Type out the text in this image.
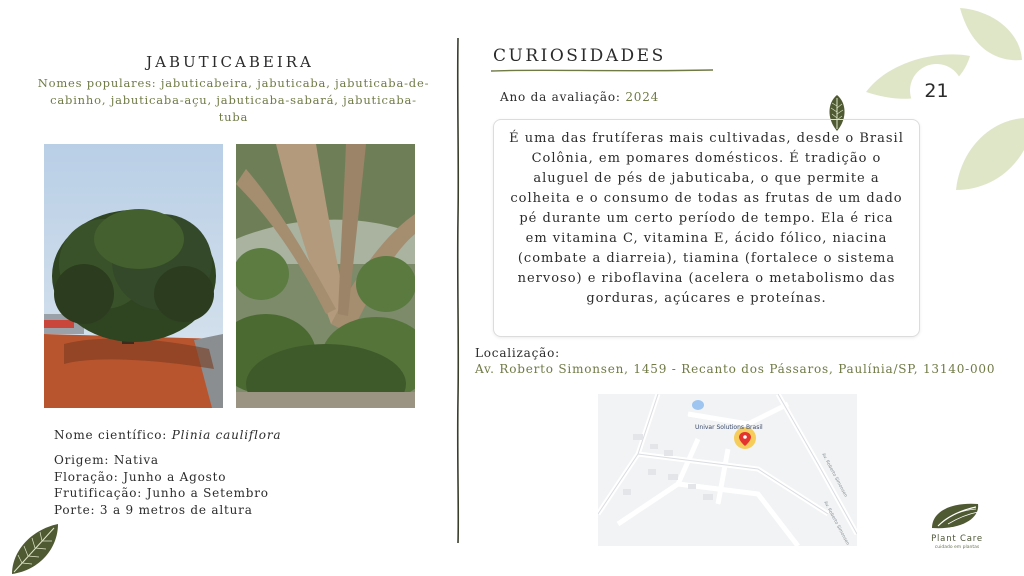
21
JABUTICABEIRA
Nomes populares: jabuticabeira, jabuticaba, jabuticaba-de-cabinho, jabuticaba-açu, jabuticaba-sabará, jabuticaba-tuba
Nome científico: Plinia cauliflora
Origem: Nativa
Floração: Junho a Agosto
Frutificação: Junho a Setembro
Porte: 3 a 9 metros de altura
CURIOSIDADES
Ano da avaliação: 2024
É uma das frutíferas mais cultivadas, desde o Brasil Colônia, em pomares domésticos. É tradição o aluguel de pés de jabuticaba, o que permite a colheita e o consumo de todas as frutas de um dado pé durante um certo período de tempo. Ela é rica em vitamina C, vitamina E, ácido fólico, niacina (combate a diarreia), tiamina (fortalece o sistema nervoso) e riboflavina (acelera o metabolismo das gorduras, açúcares e proteínas.
Localização:
Av. Roberto Simonsen, 1459 - Recanto dos Pássaros, Paulínia/SP, 13140-000
Av. Roberto Simonsen
Av. Roberto Simonsen
Univar Solutions Brasil
Plant Care
cuidado em plantas
